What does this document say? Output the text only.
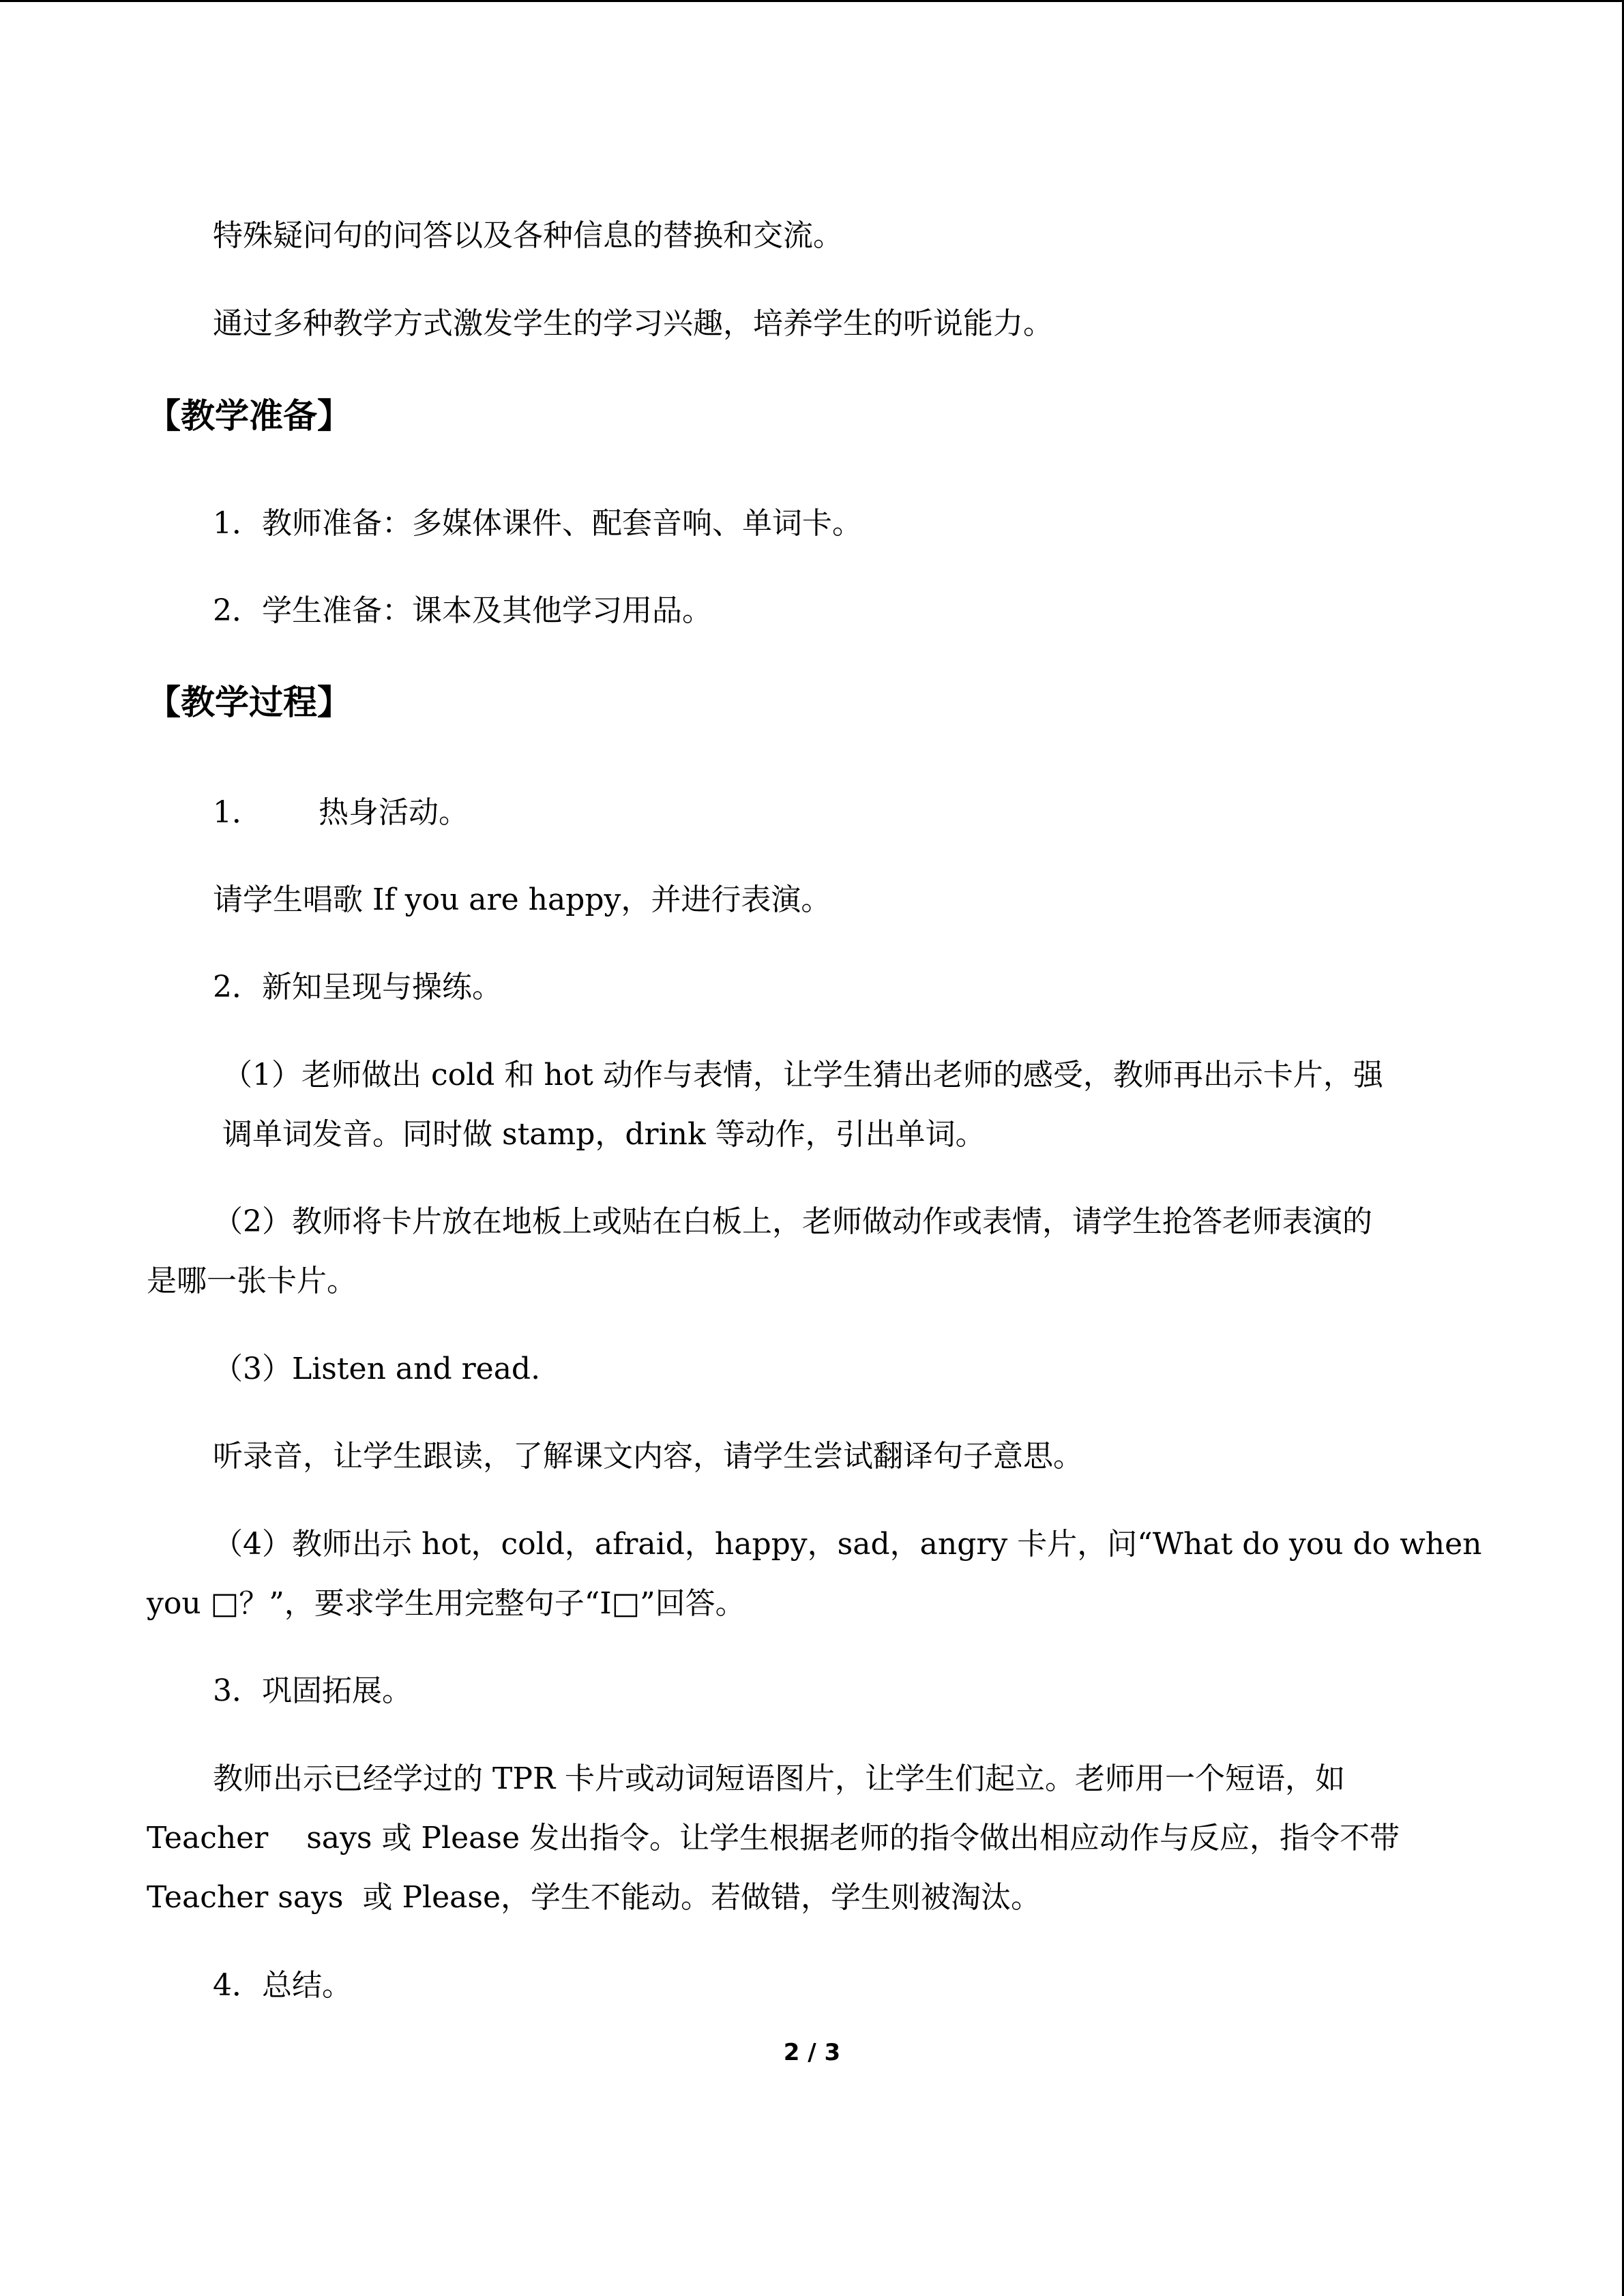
特殊疑问句的问答以及各种信息的替换和交流。
通过多种教学方式激发学生的学习兴趣，培养学生的听说能力。
【教学准备】
1．教师准备：多媒体课件、配套音响、单词卡。
2．学生准备：课本及其他学习用品。
【教学过程】
1． 热身活动。
请学生唱歌 If you are happy，并进行表演。
2．新知呈现与操练。
（1）老师做出 cold 和 hot 动作与表情，让学生猜出老师的感受，教师再出示卡片，强
调单词发音。同时做 stamp，drink 等动作，引出单词。
（2）教师将卡片放在地板上或贴在白板上，老师做动作或表情，请学生抢答老师表演的
是哪一张卡片。
（3）Listen and read.
听录音，让学生跟读，了解课文内容，请学生尝试翻译句子意思。
（4）教师出示 hot，cold，afraid，happy，sad，angry 卡片，问“What do you do when
you □？”，要求学生用完整句子“I□”回答。
3．巩固拓展。
教师出示已经学过的 TPR 卡片或动词短语图片，让学生们起立。老师用一个短语，如
Teacher    says 或 Please 发出指令。让学生根据老师的指令做出相应动作与反应，指令不带
Teacher says  或 Please，学生不能动。若做错，学生则被淘汰。
4．总结。
2 / 3
